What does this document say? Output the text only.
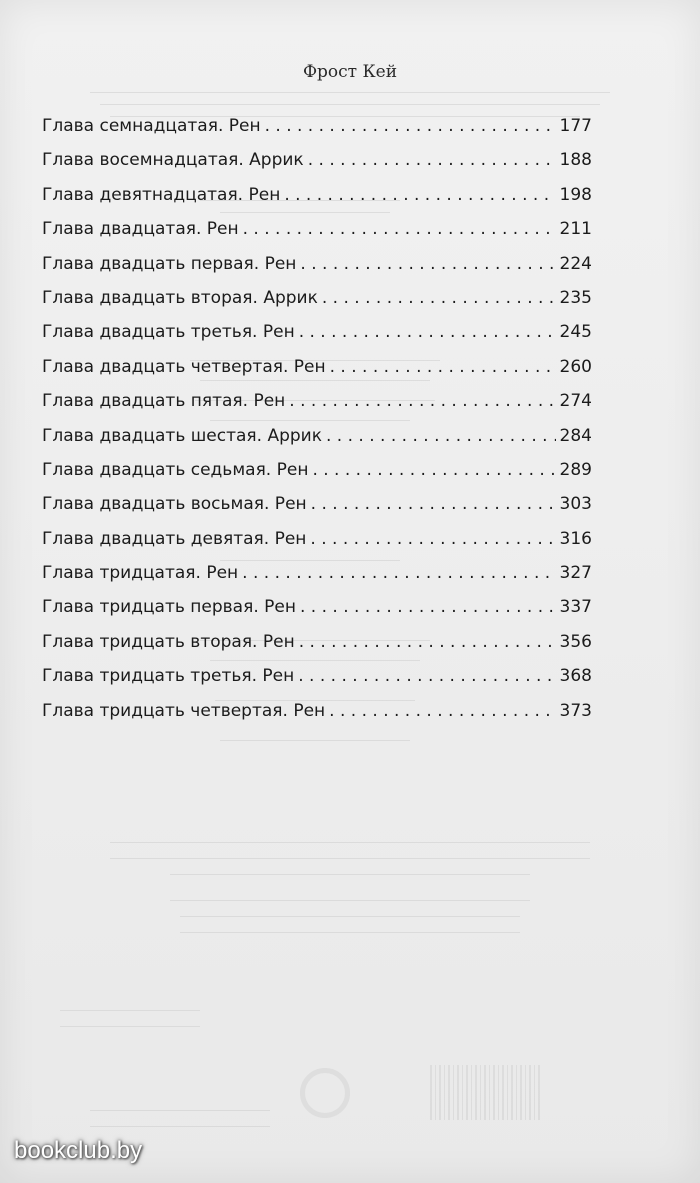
Фрост Кей
Глава семнадцатая. Рен . . .	177
Глава восемнадцатая. Аррик . . .	188
Глава девятнадцатая. Рен . . .	198
Глава двадцатая. Рен . . .	211
Глава двадцать первая. Рен . . .	224
Глава двадцать вторая. Аррик . . .	235
Глава двадцать третья. Рен . . .	245
Глава двадцать четвертая. Рен . . .	260
Глава двадцать пятая. Рен . . .	274
Глава двадцать шестая. Аррик . . .	284
Глава двадцать седьмая. Рен . . .	289
Глава двадцать восьмая. Рен . . .	303
Глава двадцать девятая. Рен . . .	316
Глава тридцатая. Рен . . .	327
Глава тридцать первая. Рен . . .	337
Глава тридцать вторая. Рен . . .	356
Глава тридцать третья. Рен . . .	368
Глава тридцать четвертая. Рен . . .	373
bookclub.by
